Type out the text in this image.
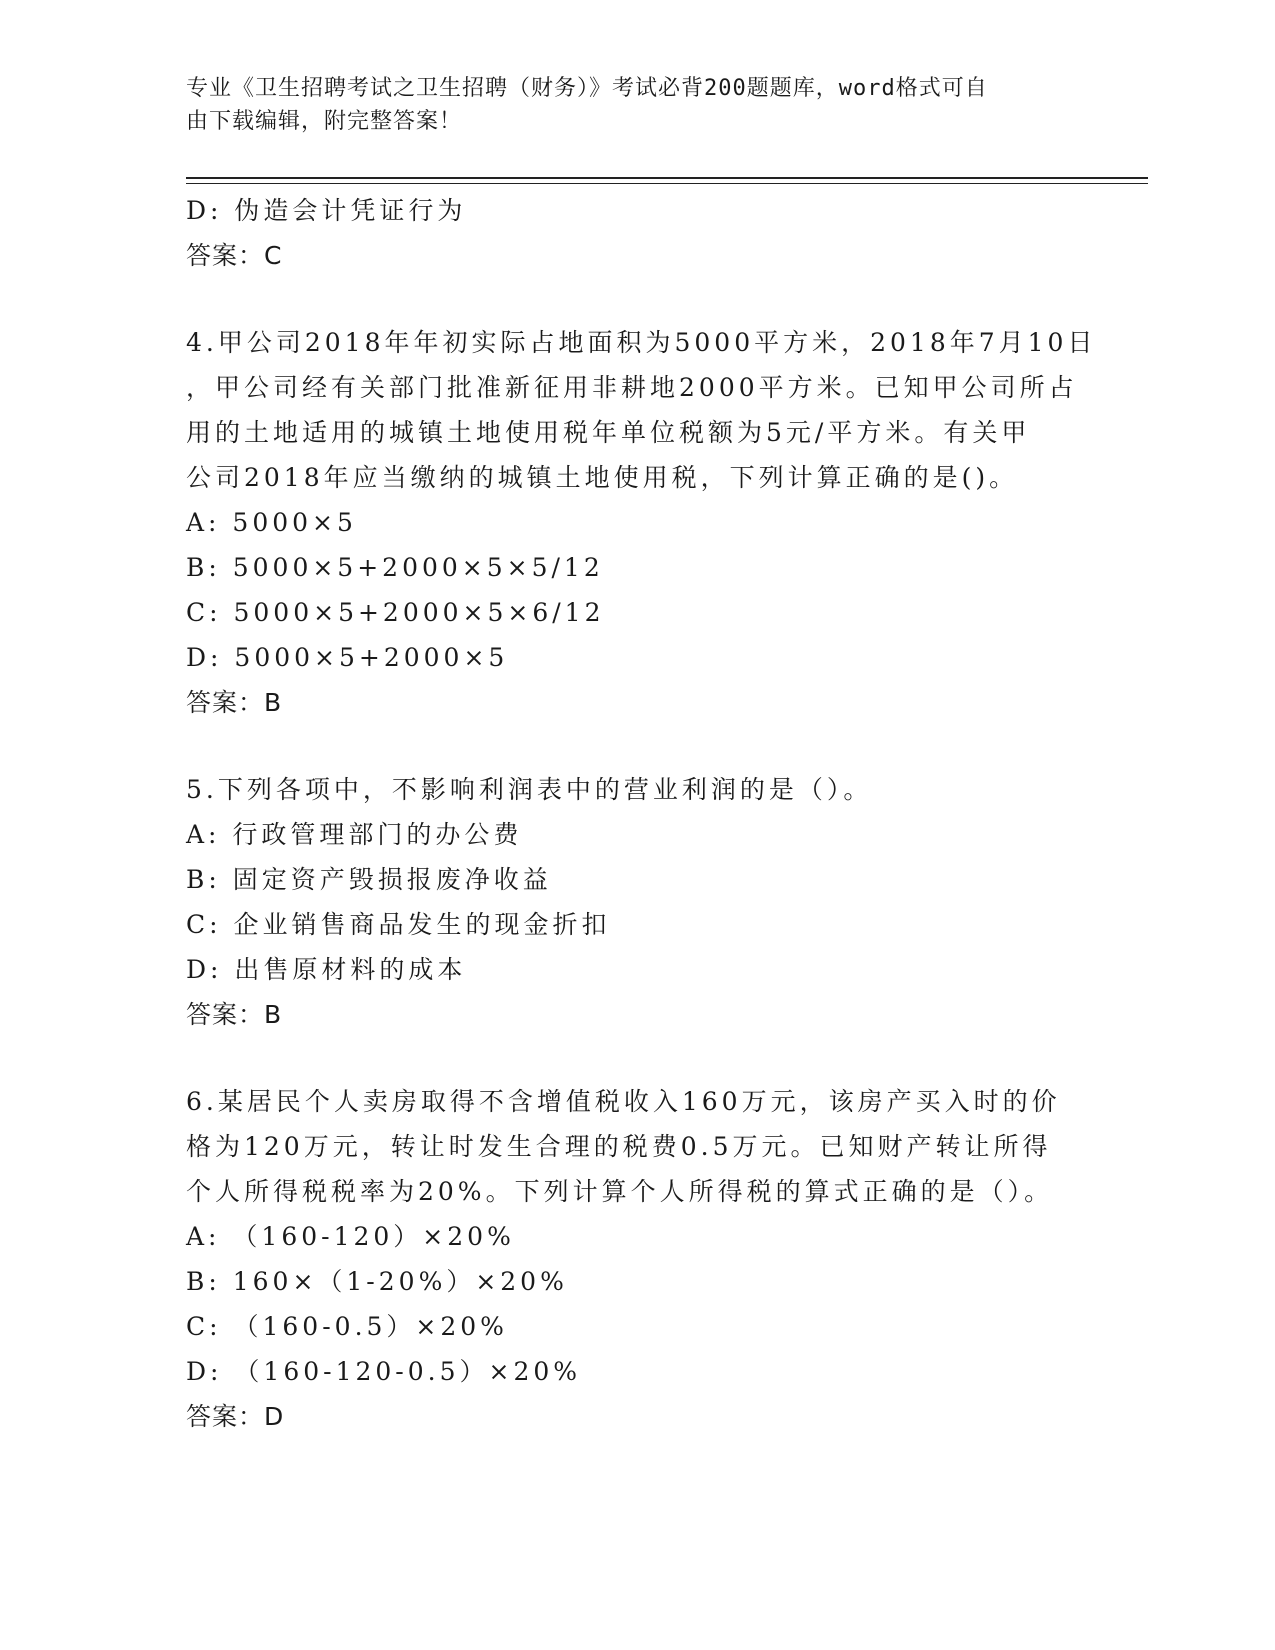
专业《卫生招聘考试之卫生招聘（财务）》考试必背200题题库，word格式可自
由下载编辑，附完整答案！
D: 伪造会计凭证行为
答案：C
4.甲公司2018年年初实际占地面积为5000平方米，2018年7月10日
，甲公司经有关部门批准新征用非耕地2000平方米。已知甲公司所占
用的土地适用的城镇土地使用税年单位税额为5元/平方米。有关甲
公司2018年应当缴纳的城镇土地使用税，下列计算正确的是()。
A: 5000×5
B: 5000×5+2000×5×5/12
C: 5000×5+2000×5×6/12
D: 5000×5+2000×5
答案：B
5.下列各项中，不影响利润表中的营业利润的是（）。
A: 行政管理部门的办公费
B: 固定资产毁损报废净收益
C: 企业销售商品发生的现金折扣
D: 出售原材料的成本
答案：B
6.某居民个人卖房取得不含增值税收入160万元，该房产买入时的价
格为120万元，转让时发生合理的税费0.5万元。已知财产转让所得
个人所得税税率为20%。下列计算个人所得税的算式正确的是（）。
A: （160-120）×20%
B: 160×（1-20%）×20%
C: （160-0.5）×20%
D: （160-120-0.5）×20%
答案：D
